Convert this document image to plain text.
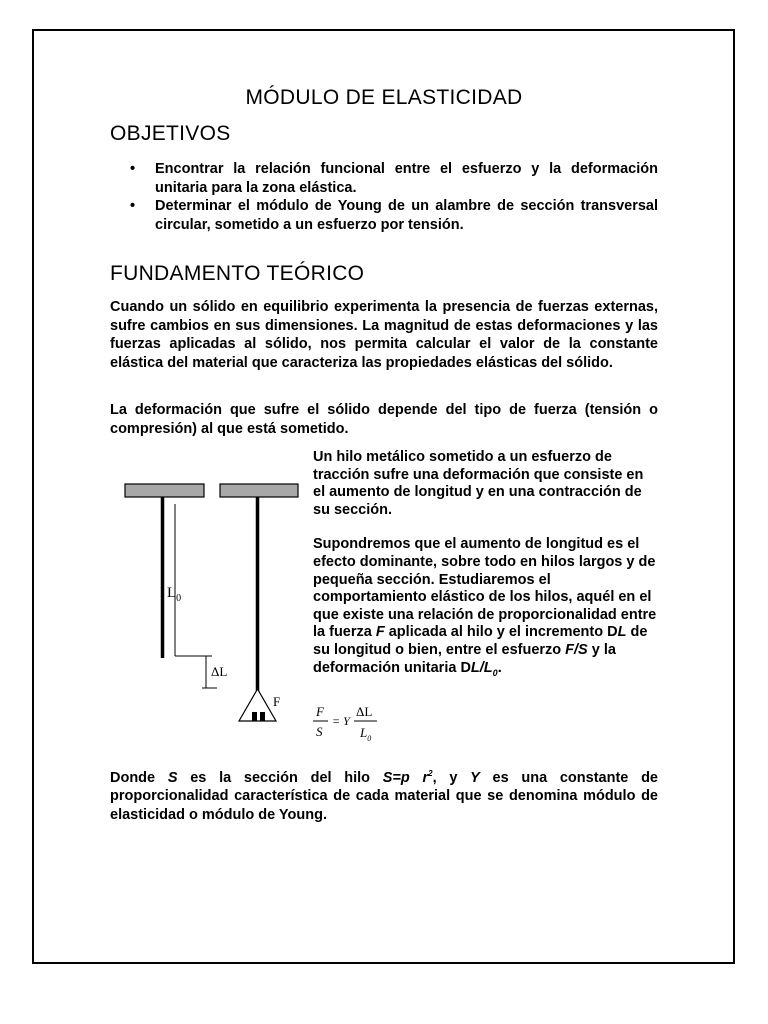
MÓDULO DE ELASTICIDAD
OBJETIVOS
• Encontrar la relación funcional entre el esfuerzo y la deformación unitaria para la zona elástica.
• Determinar el módulo de Young de un alambre de sección transversal circular, sometido a un esfuerzo por tensión.
FUNDAMENTO TEÓRICO
Cuando un sólido en equilibrio experimenta la presencia de fuerzas externas, sufre cambios en sus dimensiones. La magnitud de estas deformaciones y las fuerzas aplicadas al sólido, nos permita calcular el valor de la constante elástica del material que caracteriza las propiedades elásticas del sólido.
La deformación que sufre el sólido depende del tipo de fuerza (tensión o compresión) al que está sometido.

Un hilo metálico sometido a un esfuerzo de tracción sufre una deformación que consiste en el aumento de longitud y en una contracción de su sección.

Supondremos que el aumento de longitud es el efecto dominante, sobre todo en hilos largos y de pequeña sección. Estudiaremos el comportamiento elástico de los hilos, aquél en el que existe una relación de proporcionalidad entre la fuerza F aplicada al hilo y el incremento DL de su longitud o bien, entre el esfuerzo F/S y la deformación unitaria $DL/L_0$.

$L_0$
ΔL
F
F
S
= Y
ΔL
$L_0$
Donde S es la sección del hilo S=p $r^2$, y Y es una constante de proporcionalidad característica de cada material que se denomina módulo de elasticidad o módulo de Young.
